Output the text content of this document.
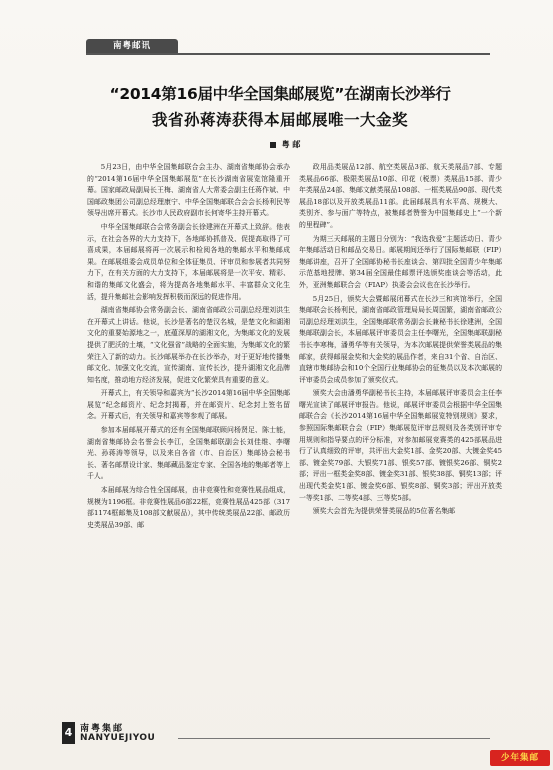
南粤邮讯
“2014第16届中华全国集邮展览”在湖南长沙举行
我省孙蒋涛获得本届邮展唯一大金奖
粤 邮

5月23日，由中华全国集邮联合会主办、湖南省集邮协会承办的“2014第16届中华全国集邮展览”在长沙湖南省展览馆隆重开幕。国家邮政局副局长王梅、湖南省人大常委会副主任蒋作斌、中国邮政集团公司副总经理康宁、中华全国集邮联合会会长杨利民等领导出席开幕式。长沙市人民政府副市长何寄华主持开幕式。

中华全国集邮联合会常务副会长徐建洲在开幕式上致辞。他表示，在社会各界的大力支持下，各地邮协抓普及、促提高取得了可喜成果，本届邮展将再一次展示和检阅各地的集邮水平和集邮成果。在邮展组委会成员单位和全体征集员、评审员和参展者共同努力下，在有关方面的大力支持下，本届邮展将是一次平安、精彩、和谐的集邮文化盛会，将为提高各地集邮水平、丰富群众文化生活，提升集邮社会影响发挥积极而深远的促进作用。

湖南省集邮协会常务副会长、湖南省邮政公司副总经理刘洪生在开幕式上讲话。他说，长沙是著名的楚汉名城，是楚文化和湖湘文化的重要始源地之一，底蕴深厚的湖湘文化，为集邮文化的发展提供了肥沃的土壤，“文化强省”战略的全面实施，为集邮文化的繁荣注入了新的动力。长沙邮展举办在长沙举办，对于更好地传播集邮文化、加强文化交流，宣传湖南、宣传长沙，提升湖湘文化品牌知名度，推动地方经济发展，促进文化繁荣具有重要的意义。

开幕式上，有关领导和嘉宾为“长沙2014第16届中华全国集邮展览”纪念邮资片、纪念封揭幕，并在邮资片、纪念封上签名留念。开幕式后，有关领导和嘉宾等参观了邮展。

参加本届邮展开幕式的还有全国集邮联顾问杨贤足、陈士能，湖南省集邮协会名誉会长李江，全国集邮联副会长刘佳维、李曙光、孙蒋涛等领导，以及来自各省（市、自治区）集邮协会秘书长、著名邮票设计家、集邮藏品鉴定专家、全国各地的集邮者等上千人。

本届邮展为综合性全国邮展，由非竞赛性和竞赛性展品组成，规模为1196框。非竞赛性展品6部22框，竞赛性展品425部（317部1174框邮集及108部文献展品），其中传统类展品22部、邮政历史类展品39部、邮

政用品类展品12部、航空类展品3部、航天类展品7部、专题类展品66部、极限类展品10部、印花（税票）类展品15部、青少年类展品24部、集邮文献类展品108部、一框类展品90部、现代类展品18部以及开放类展品11部。此届邮展具有水平高、规模大、类别齐、参与面广等特点，被集邮者赞誉为中国集邮史上“一个新的里程碑”。

为期三天邮展的主题日分别为：“我选我爱”主题活动日、青少年集邮活动日和邮品交易日。邮展期间还举行了国际集邮联（FIP）集邮讲座，召开了全国邮协秘书长座谈会、第四批全国青少年集邮示范基地授牌、第34届全国最佳邮票评选颁奖座谈会等活动，此外，亚洲集邮联合会（FIAP）执委会会议也在长沙举行。

5月25日，颁奖大会暨邮展闭幕式在长沙三和宾馆举行，全国集邮联会长杨利民，湖南省邮政管理局局长周国繁，湖南省邮政公司副总经理刘洪生，全国集邮联常务副会长兼秘书长徐建洲，全国集邮联副会长，本届邮展评审委员会主任李曙光，全国集邮联副秘书长李寒梅，潘勇华等有关领导，为本次邮展提供荣誉类展品的集邮家，获得邮展金奖和大金奖的展品作者，来自31个省、自治区、直辖市集邮协会和10个全国行业集邮协会的征集员以及本次邮展的评审委员会成员参加了颁奖仪式。

颁奖大会由潘勇华副秘书长主持，本届邮展评审委员会主任李曙光宣读了邮展评审报告。他说，邮展评审委员会根据中华全国集邮联合会《长沙2014第16届中华全国集邮展览特别规则》要求，参照国际集邮联合会（FIP）集邮展览评审总规则及各类别评审专用规则和指导要点的评分标准，对参加邮展竞赛类的425部展品进行了认真细致的评审，共评出大金奖1部、金奖20部、大镀金奖45部、镀金奖79部、大银奖71部、银奖57部、镀银奖26部、铜奖2部；评出一框类金奖8部、镀金奖31部、银奖38部、铜奖13部；评出现代类金奖1部、镀金奖6部、银奖8部、铜奖3部；评出开放类一等奖1部、二等奖4部、三等奖5部。

颁奖大会首先为提供荣誉类展品的5位著名集邮

4 南粤集邮
NANYUEJIYOU
少年集邮
